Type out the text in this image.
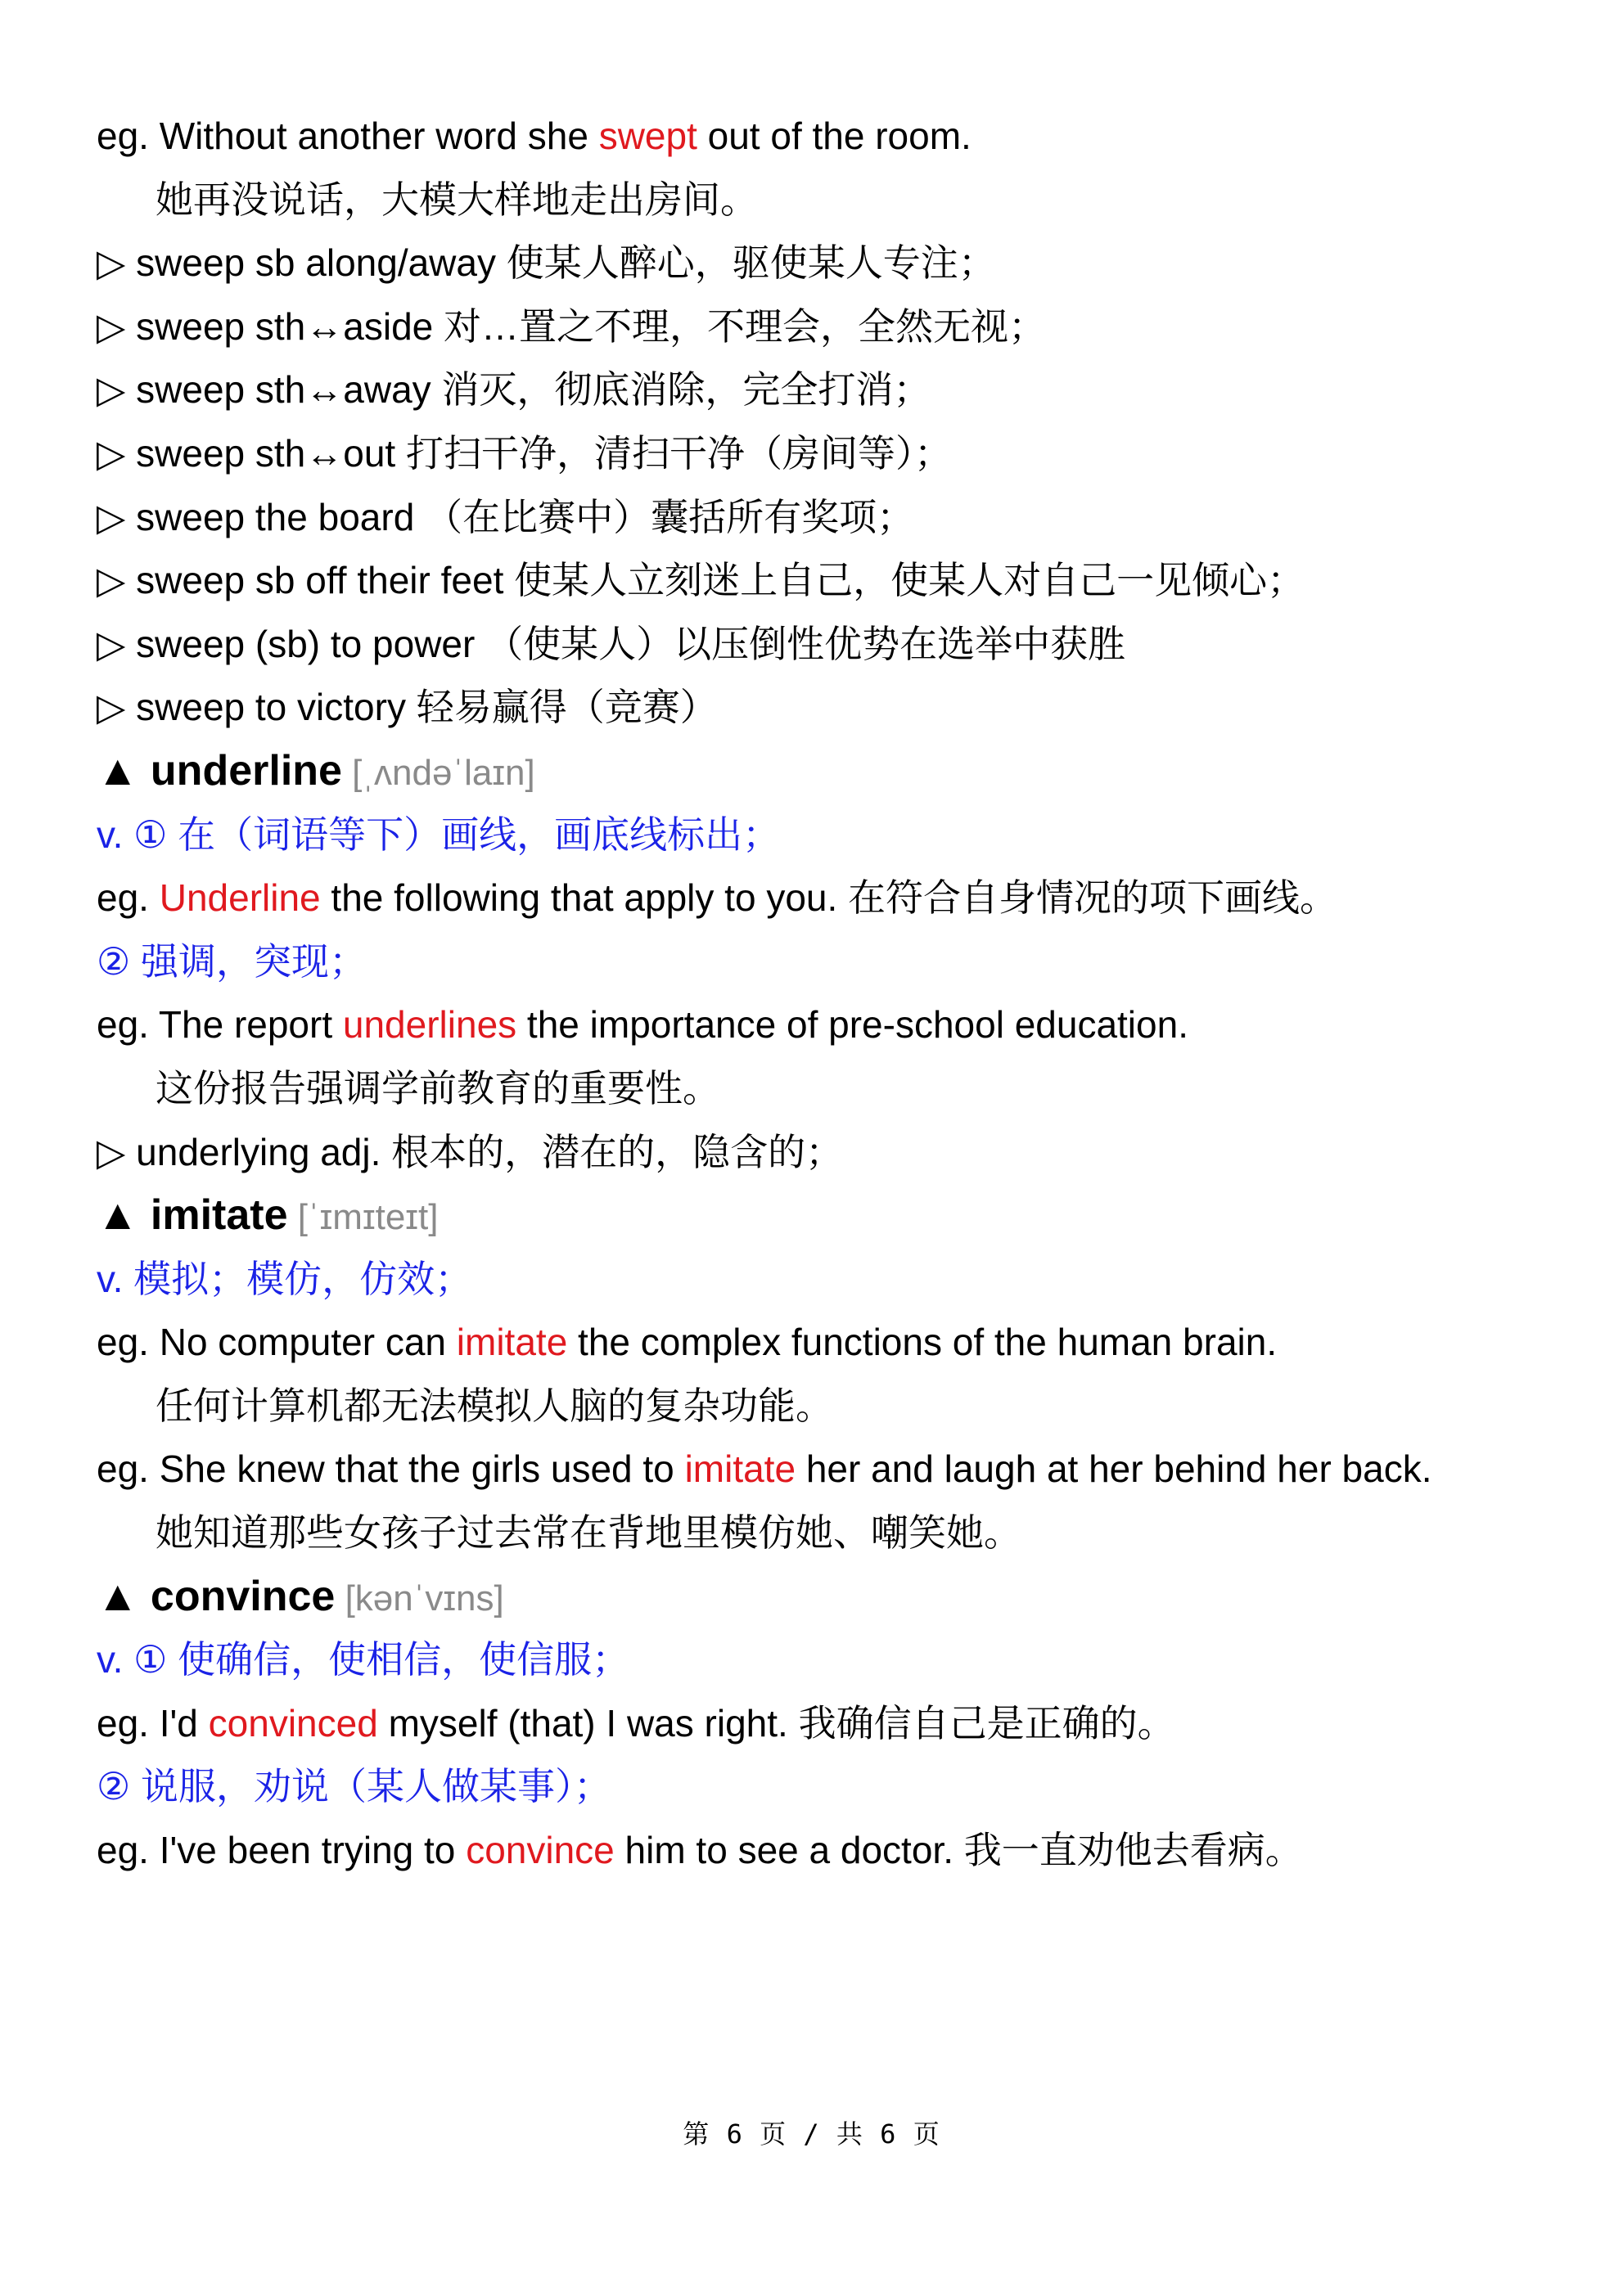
eg. Without another word she swept out of the room.
她再没说话，大模大样地走出房间。
▷ sweep sb along/away 使某人醉心，驱使某人专注；
▷ sweep sth↔aside 对…置之不理，不理会，全然无视；
▷ sweep sth↔away 消灭，彻底消除，完全打消；
▷ sweep sth↔out 打扫干净，清扫干净（房间等）；
▷ sweep the board （在比赛中）囊括所有奖项；
▷ sweep sb off their feet 使某人立刻迷上自己，使某人对自己一见倾心；
▷ sweep (sb) to power （使某人）以压倒性优势在选举中获胜
▷ sweep to victory 轻易赢得（竞赛）
▲ underline [ˌʌndəˈlaɪn]
v. ① 在（词语等下）画线，画底线标出；
eg. Underline the following that apply to you. 在符合自身情况的项下画线。
② 强调，突现；
eg. The report underlines the importance of pre-school education.
这份报告强调学前教育的重要性。
▷ underlying adj. 根本的，潜在的，隐含的；
▲ imitate [ˈɪmɪteɪt]
v. 模拟；模仿，仿效；
eg. No computer can imitate the complex functions of the human brain.
任何计算机都无法模拟人脑的复杂功能。
eg. She knew that the girls used to imitate her and laugh at her behind her back.
她知道那些女孩子过去常在背地里模仿她、嘲笑她。
▲ convince [kənˈvɪns]
v. ① 使确信，使相信，使信服；
eg. I'd convinced myself (that) I was right. 我确信自己是正确的。
② 说服，劝说（某人做某事）；
eg. I've been trying to convince him to see a doctor. 我一直劝他去看病。
第 6 页 / 共 6 页
